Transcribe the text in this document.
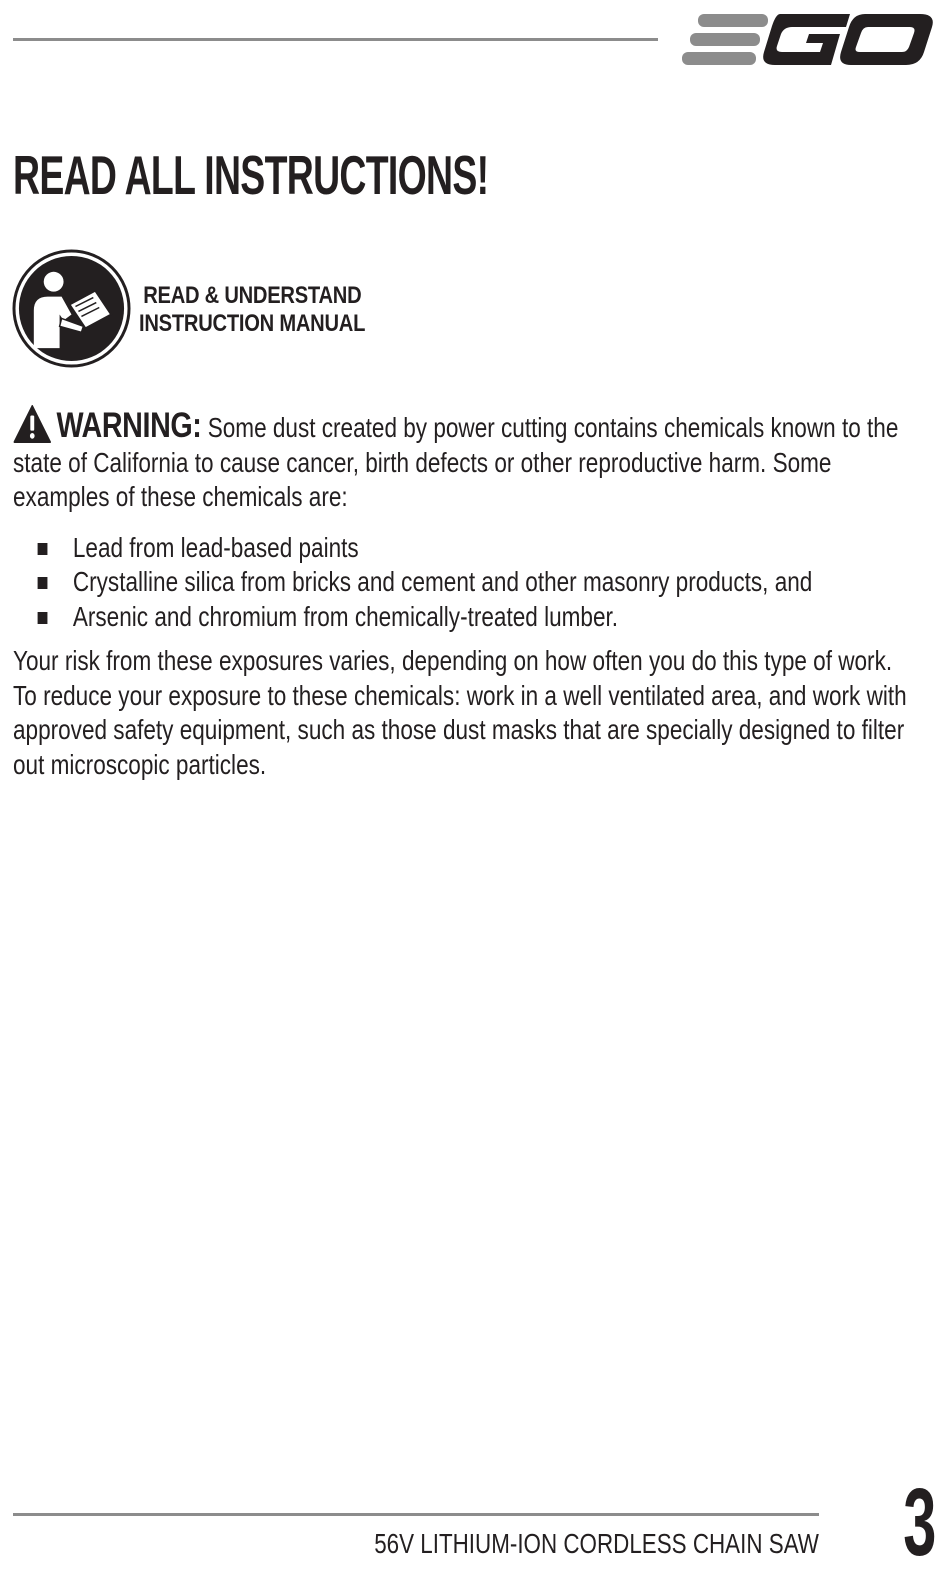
READ ALL INSTRUCTIONS!
READ & UNDERSTAND
INSTRUCTION MANUAL

WARNING: Some dust created by power cutting contains chemicals known to the state of California to cause cancer, birth defects or other reproductive harm. Some examples of these chemicals are:

Lead from lead-based paints
Crystalline silica from bricks and cement and other masonry products, and
Arsenic and chromium from chemically-treated lumber.

Your risk from these exposures varies, depending on how often you do this type of work. To reduce your exposure to these chemicals: work in a well ventilated area, and work with approved safety equipment, such as those dust masks that are specially designed to filter out microscopic particles.

56V LITHIUM-ION CORDLESS CHAIN SAW 3
